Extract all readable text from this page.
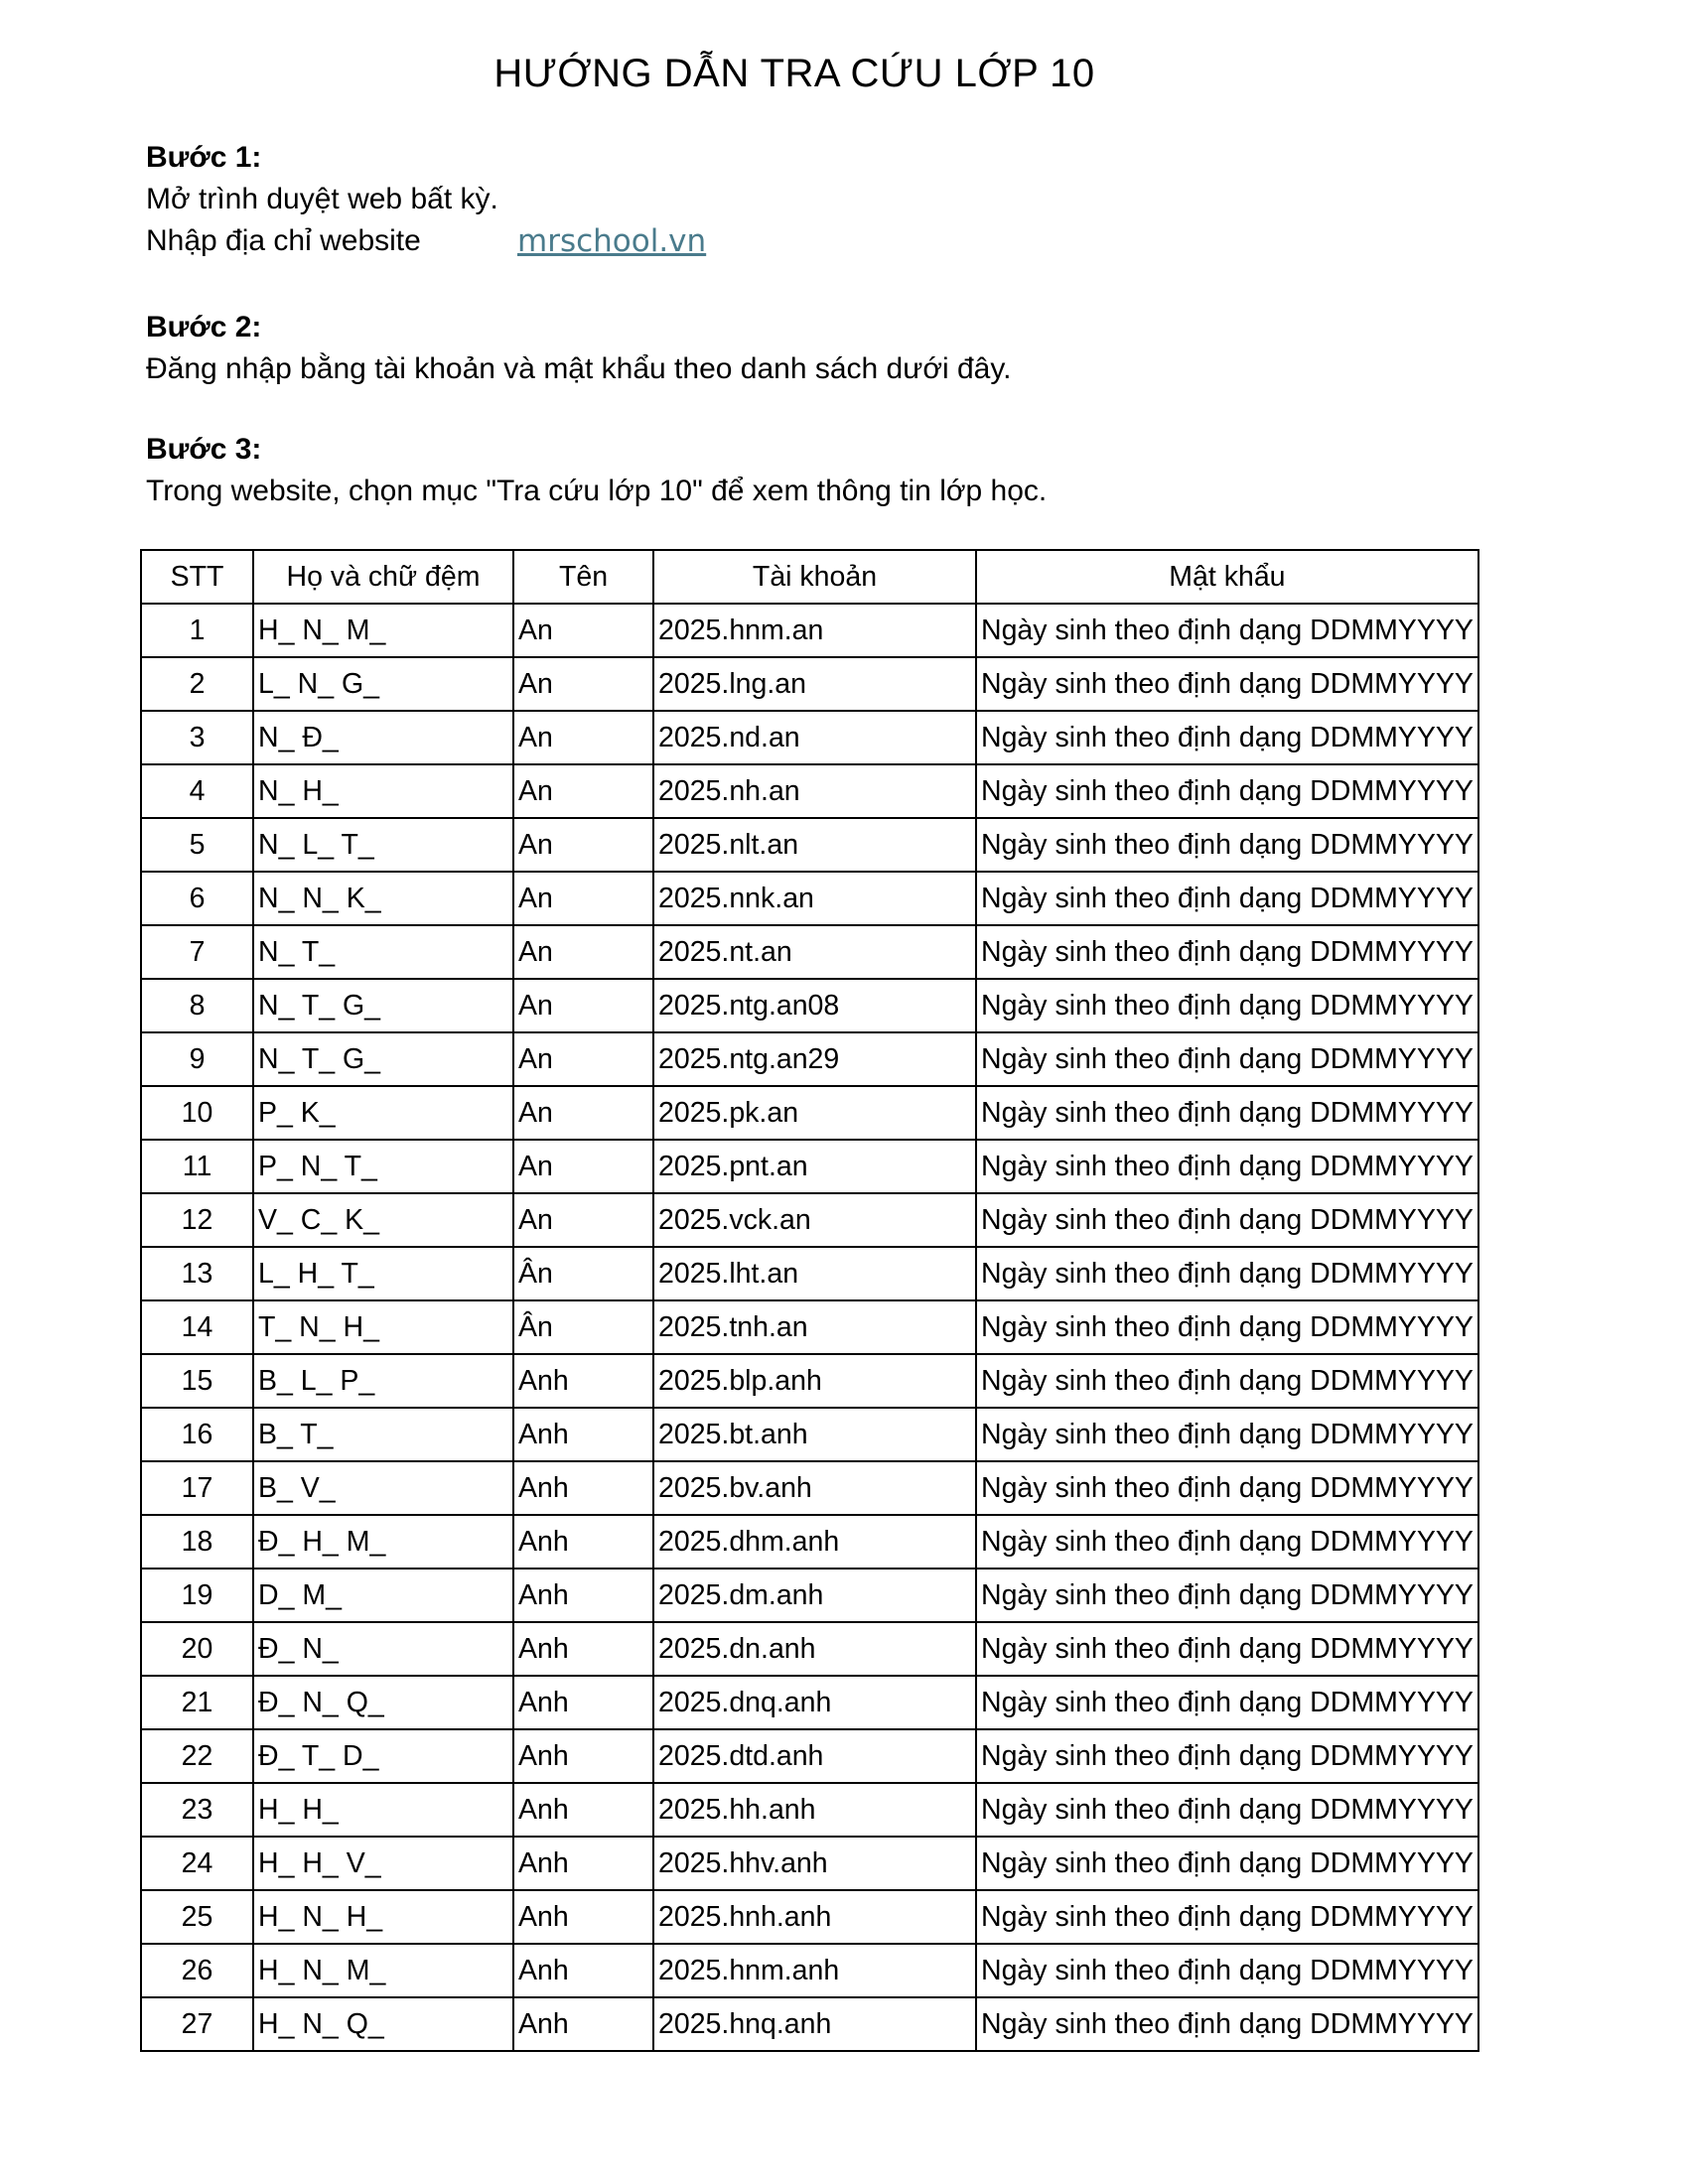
HƯỚNG DẪN TRA CỨU LỚP 10
Bước 1:
Mở trình duyệt web bất kỳ.
Nhập địa chỉ website	mrschool.vn
Bước 2:
Đăng nhập bằng tài khoản và mật khẩu theo danh sách dưới đây.
Bước 3:
Trong website, chọn mục "Tra cứu lớp 10" để xem thông tin lớp học.
STT	Họ và chữ đệm	Tên	Tài khoản	Mật khẩu
1	H_ N_ M_	An	2025.hnm.an	Ngày sinh theo định dạng DDMMYYYY
2	L_ N_ G_	An	2025.lng.an	Ngày sinh theo định dạng DDMMYYYY
3	N_ Đ_	An	2025.nd.an	Ngày sinh theo định dạng DDMMYYYY
4	N_ H_	An	2025.nh.an	Ngày sinh theo định dạng DDMMYYYY
5	N_ L_ T_	An	2025.nlt.an	Ngày sinh theo định dạng DDMMYYYY
6	N_ N_ K_	An	2025.nnk.an	Ngày sinh theo định dạng DDMMYYYY
7	N_ T_	An	2025.nt.an	Ngày sinh theo định dạng DDMMYYYY
8	N_ T_ G_	An	2025.ntg.an08	Ngày sinh theo định dạng DDMMYYYY
9	N_ T_ G_	An	2025.ntg.an29	Ngày sinh theo định dạng DDMMYYYY
10	P_ K_	An	2025.pk.an	Ngày sinh theo định dạng DDMMYYYY
11	P_ N_ T_	An	2025.pnt.an	Ngày sinh theo định dạng DDMMYYYY
12	V_ C_ K_	An	2025.vck.an	Ngày sinh theo định dạng DDMMYYYY
13	L_ H_ T_	Ân	2025.lht.an	Ngày sinh theo định dạng DDMMYYYY
14	T_ N_ H_	Ân	2025.tnh.an	Ngày sinh theo định dạng DDMMYYYY
15	B_ L_ P_	Anh	2025.blp.anh	Ngày sinh theo định dạng DDMMYYYY
16	B_ T_	Anh	2025.bt.anh	Ngày sinh theo định dạng DDMMYYYY
17	B_ V_	Anh	2025.bv.anh	Ngày sinh theo định dạng DDMMYYYY
18	Đ_ H_ M_	Anh	2025.dhm.anh	Ngày sinh theo định dạng DDMMYYYY
19	D_ M_	Anh	2025.dm.anh	Ngày sinh theo định dạng DDMMYYYY
20	Đ_ N_	Anh	2025.dn.anh	Ngày sinh theo định dạng DDMMYYYY
21	Đ_ N_ Q_	Anh	2025.dnq.anh	Ngày sinh theo định dạng DDMMYYYY
22	Đ_ T_ D_	Anh	2025.dtd.anh	Ngày sinh theo định dạng DDMMYYYY
23	H_ H_	Anh	2025.hh.anh	Ngày sinh theo định dạng DDMMYYYY
24	H_ H_ V_	Anh	2025.hhv.anh	Ngày sinh theo định dạng DDMMYYYY
25	H_ N_ H_	Anh	2025.hnh.anh	Ngày sinh theo định dạng DDMMYYYY
26	H_ N_ M_	Anh	2025.hnm.anh	Ngày sinh theo định dạng DDMMYYYY
27	H_ N_ Q_	Anh	2025.hnq.anh	Ngày sinh theo định dạng DDMMYYYY
